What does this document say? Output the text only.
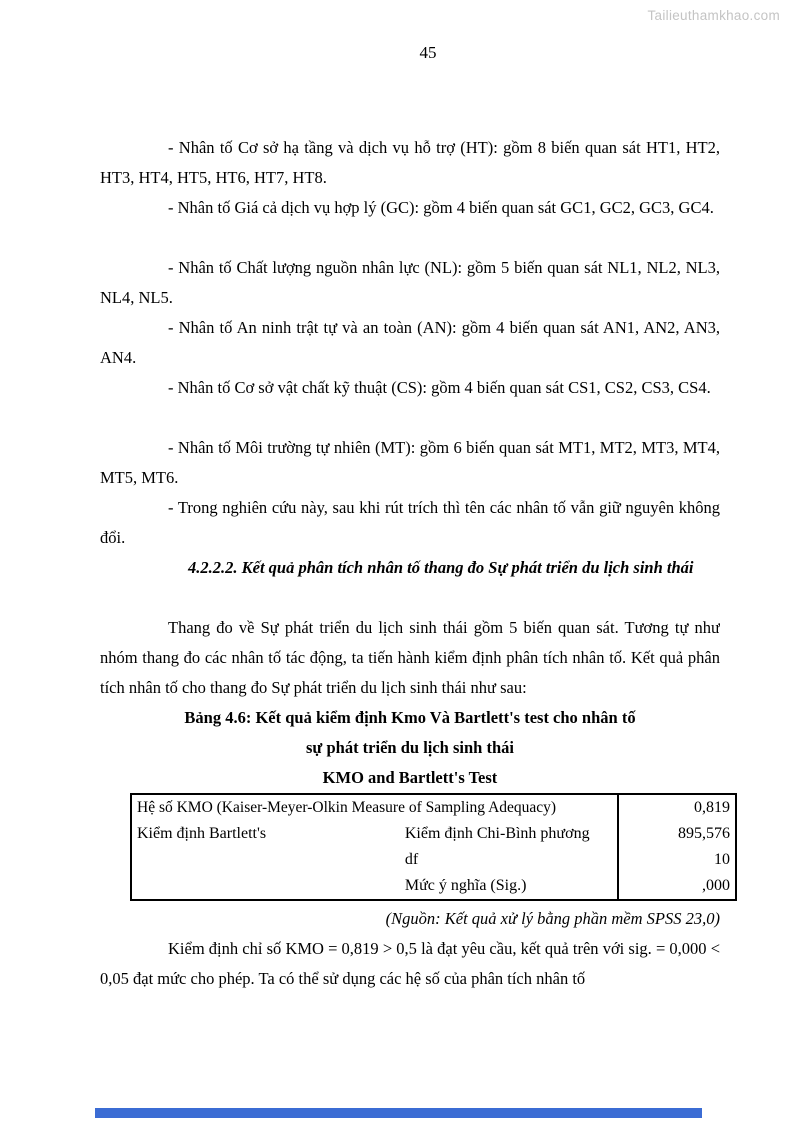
Tailieuthamkhao.com
45

- Nhân tố Cơ sở hạ tầng và dịch vụ hỗ trợ (HT): gồm 8 biến quan sát HT1, HT2, HT3, HT4, HT5, HT6, HT7, HT8.

- Nhân tố Giá cả dịch vụ hợp lý (GC): gồm 4 biến quan sát GC1, GC2, GC3, GC4.

- Nhân tố Chất lượng nguồn nhân lực (NL): gồm 5 biến quan sát NL1, NL2, NL3, NL4, NL5.

- Nhân tố An ninh trật tự và an toàn (AN): gồm 4 biến quan sát AN1, AN2, AN3, AN4.

- Nhân tố Cơ sở vật chất kỹ thuật (CS): gồm 4 biến quan sát CS1, CS2, CS3, CS4.

- Nhân tố Môi trường tự nhiên (MT): gồm 6 biến quan sát MT1, MT2, MT3, MT4, MT5, MT6.

- Trong nghiên cứu này, sau khi rút trích thì tên các nhân tố vẫn giữ nguyên không đổi.

4.2.2.2. Kết quả phân tích nhân tố thang đo Sự phát triển du lịch sinh thái

Thang đo về Sự phát triển du lịch sinh thái gồm 5 biến quan sát. Tương tự như nhóm thang đo các nhân tố tác động, ta tiến hành kiểm định phân tích nhân tố. Kết quả phân tích nhân tố cho thang đo Sự phát triển du lịch sinh thái như sau:

Bảng 4.6: Kết quả kiểm định Kmo Và Bartlett's test cho nhân tố

sự phát triển du lịch sinh thái

KMO and Bartlett's Test

Hệ số KMO (Kaiser-Meyer-Olkin Measure of Sampling Adequacy)		0,819
Kiểm định Bartlett's	Kiểm định Chi-Bình phương	895,576
	df	10
	Mức ý nghĩa (Sig.)	,000

(Nguồn: Kết quả xử lý bằng phần mềm SPSS 23,0)

Kiểm định chỉ số KMO = 0,819 > 0,5 là đạt yêu cầu, kết quả trên với sig. = 0,000 < 0,05 đạt mức cho phép. Ta có thể sử dụng các hệ số của phân tích nhân tố
